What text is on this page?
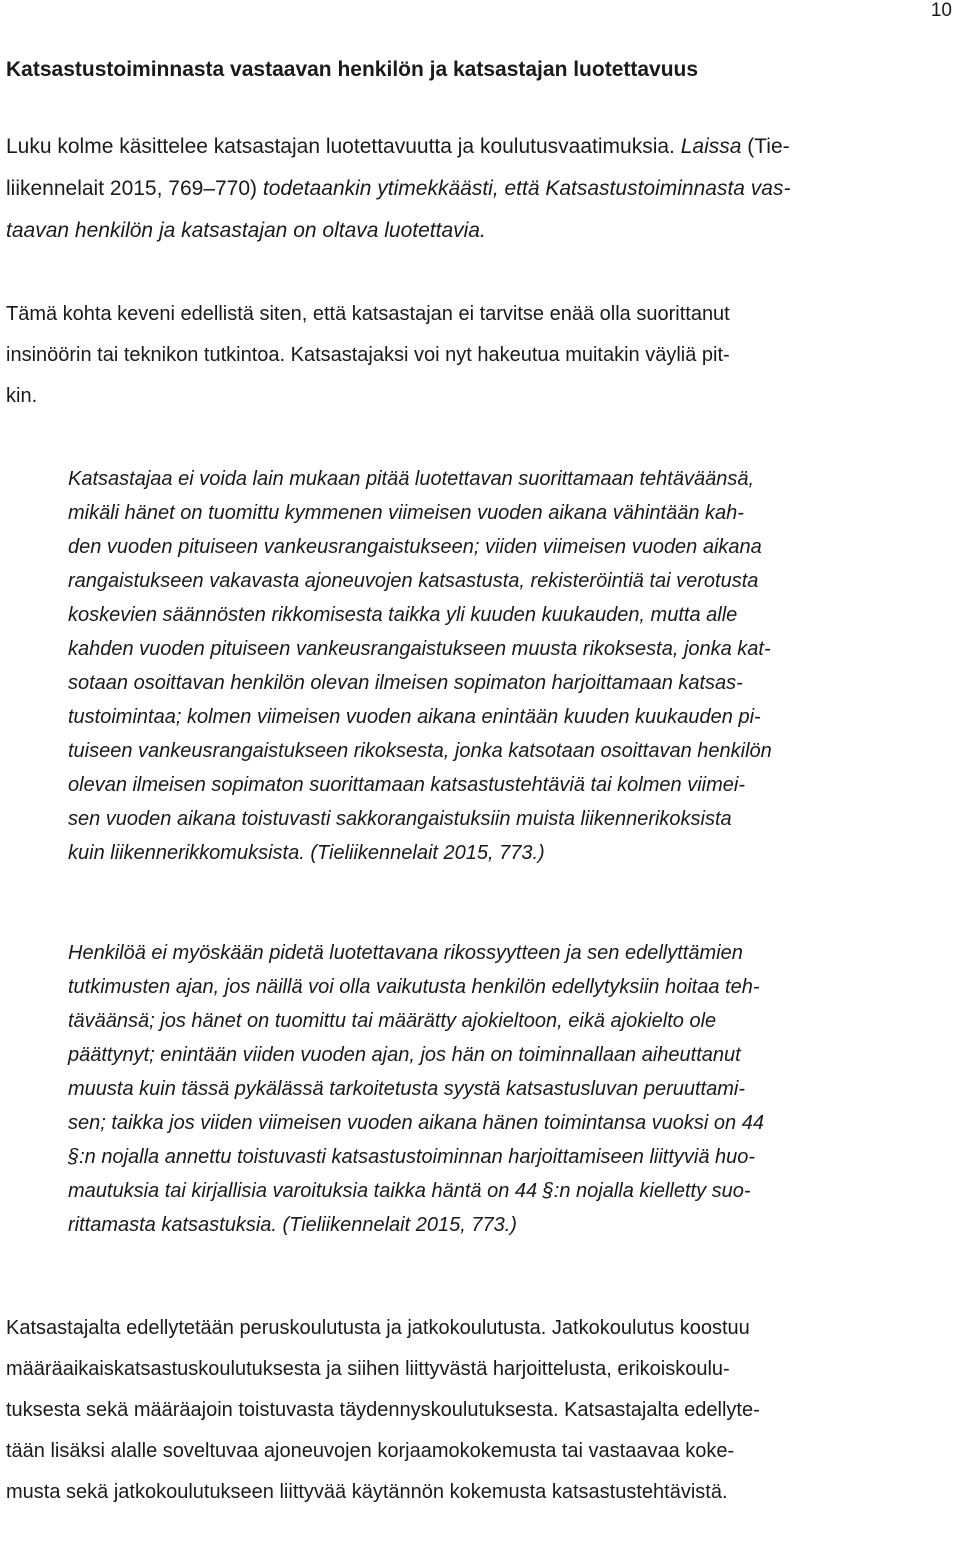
10
Katsastustoiminnasta vastaavan henkilön ja katsastajan luotettavuus
Luku kolme käsittelee katsastajan luotettavuutta ja koulutusvaatimuksia. Laissa (Tie-
liikennelait 2015, 769–770) todetaankin ytimekkäästi, että Katsastustoiminnasta vas-
taavan henkilön ja katsastajan on oltava luotettavia.
Tämä kohta keveni edellistä siten, että katsastajan ei tarvitse enää olla suorittanut
insinöörin tai teknikon tutkintoa. Katsastajaksi voi nyt hakeutua muitakin väyliä pit-
kin.
Katsastajaa ei voida lain mukaan pitää luotettavan suorittamaan tehtäväänsä,
mikäli hänet on tuomittu kymmenen viimeisen vuoden aikana vähintään kah-
den vuoden pituiseen vankeusrangaistukseen; viiden viimeisen vuoden aikana
rangaistukseen vakavasta ajoneuvojen katsastusta, rekisteröintiä tai verotusta
koskevien säännösten rikkomisesta taikka yli kuuden kuukauden, mutta alle
kahden vuoden pituiseen vankeusrangaistukseen muusta rikoksesta, jonka kat-
sotaan osoittavan henkilön olevan ilmeisen sopimaton harjoittamaan katsas-
tustoimintaa; kolmen viimeisen vuoden aikana enintään kuuden kuukauden pi-
tuiseen vankeusrangaistukseen rikoksesta, jonka katsotaan osoittavan henkilön
olevan ilmeisen sopimaton suorittamaan katsastustehtäviä tai kolmen viimei-
sen vuoden aikana toistuvasti sakkorangaistuksiin muista liikennerikoksista
kuin liikennerikkomuksista. (Tieliikennelait 2015, 773.)
Henkilöä ei myöskään pidetä luotettavana rikossyytteen ja sen edellyttämien
tutkimusten ajan, jos näillä voi olla vaikutusta henkilön edellytyksiin hoitaa teh-
täväänsä; jos hänet on tuomittu tai määrätty ajokieltoon, eikä ajokielto ole
päättynyt; enintään viiden vuoden ajan, jos hän on toiminnallaan aiheuttanut
muusta kuin tässä pykälässä tarkoitetusta syystä katsastusluvan peruuttami-
sen; taikka jos viiden viimeisen vuoden aikana hänen toimintansa vuoksi on 44
§:n nojalla annettu toistuvasti katsastustoiminnan harjoittamiseen liittyviä huo-
mautuksia tai kirjallisia varoituksia taikka häntä on 44 §:n nojalla kielletty suo-
rittamasta katsastuksia. (Tieliikennelait 2015, 773.)
Katsastajalta edellytetään peruskoulutusta ja jatkokoulutusta. Jatkokoulutus koostuu
määräaikaiskatsastuskoulutuksesta ja siihen liittyvästä harjoittelusta, erikoiskoulu-
tuksesta sekä määräajoin toistuvasta täydennyskoulutuksesta. Katsastajalta edellyte-
tään lisäksi alalle soveltuvaa ajoneuvojen korjaamokokemusta tai vastaavaa koke-
musta sekä jatkokoulutukseen liittyvää käytännön kokemusta katsastustehtävistä.
